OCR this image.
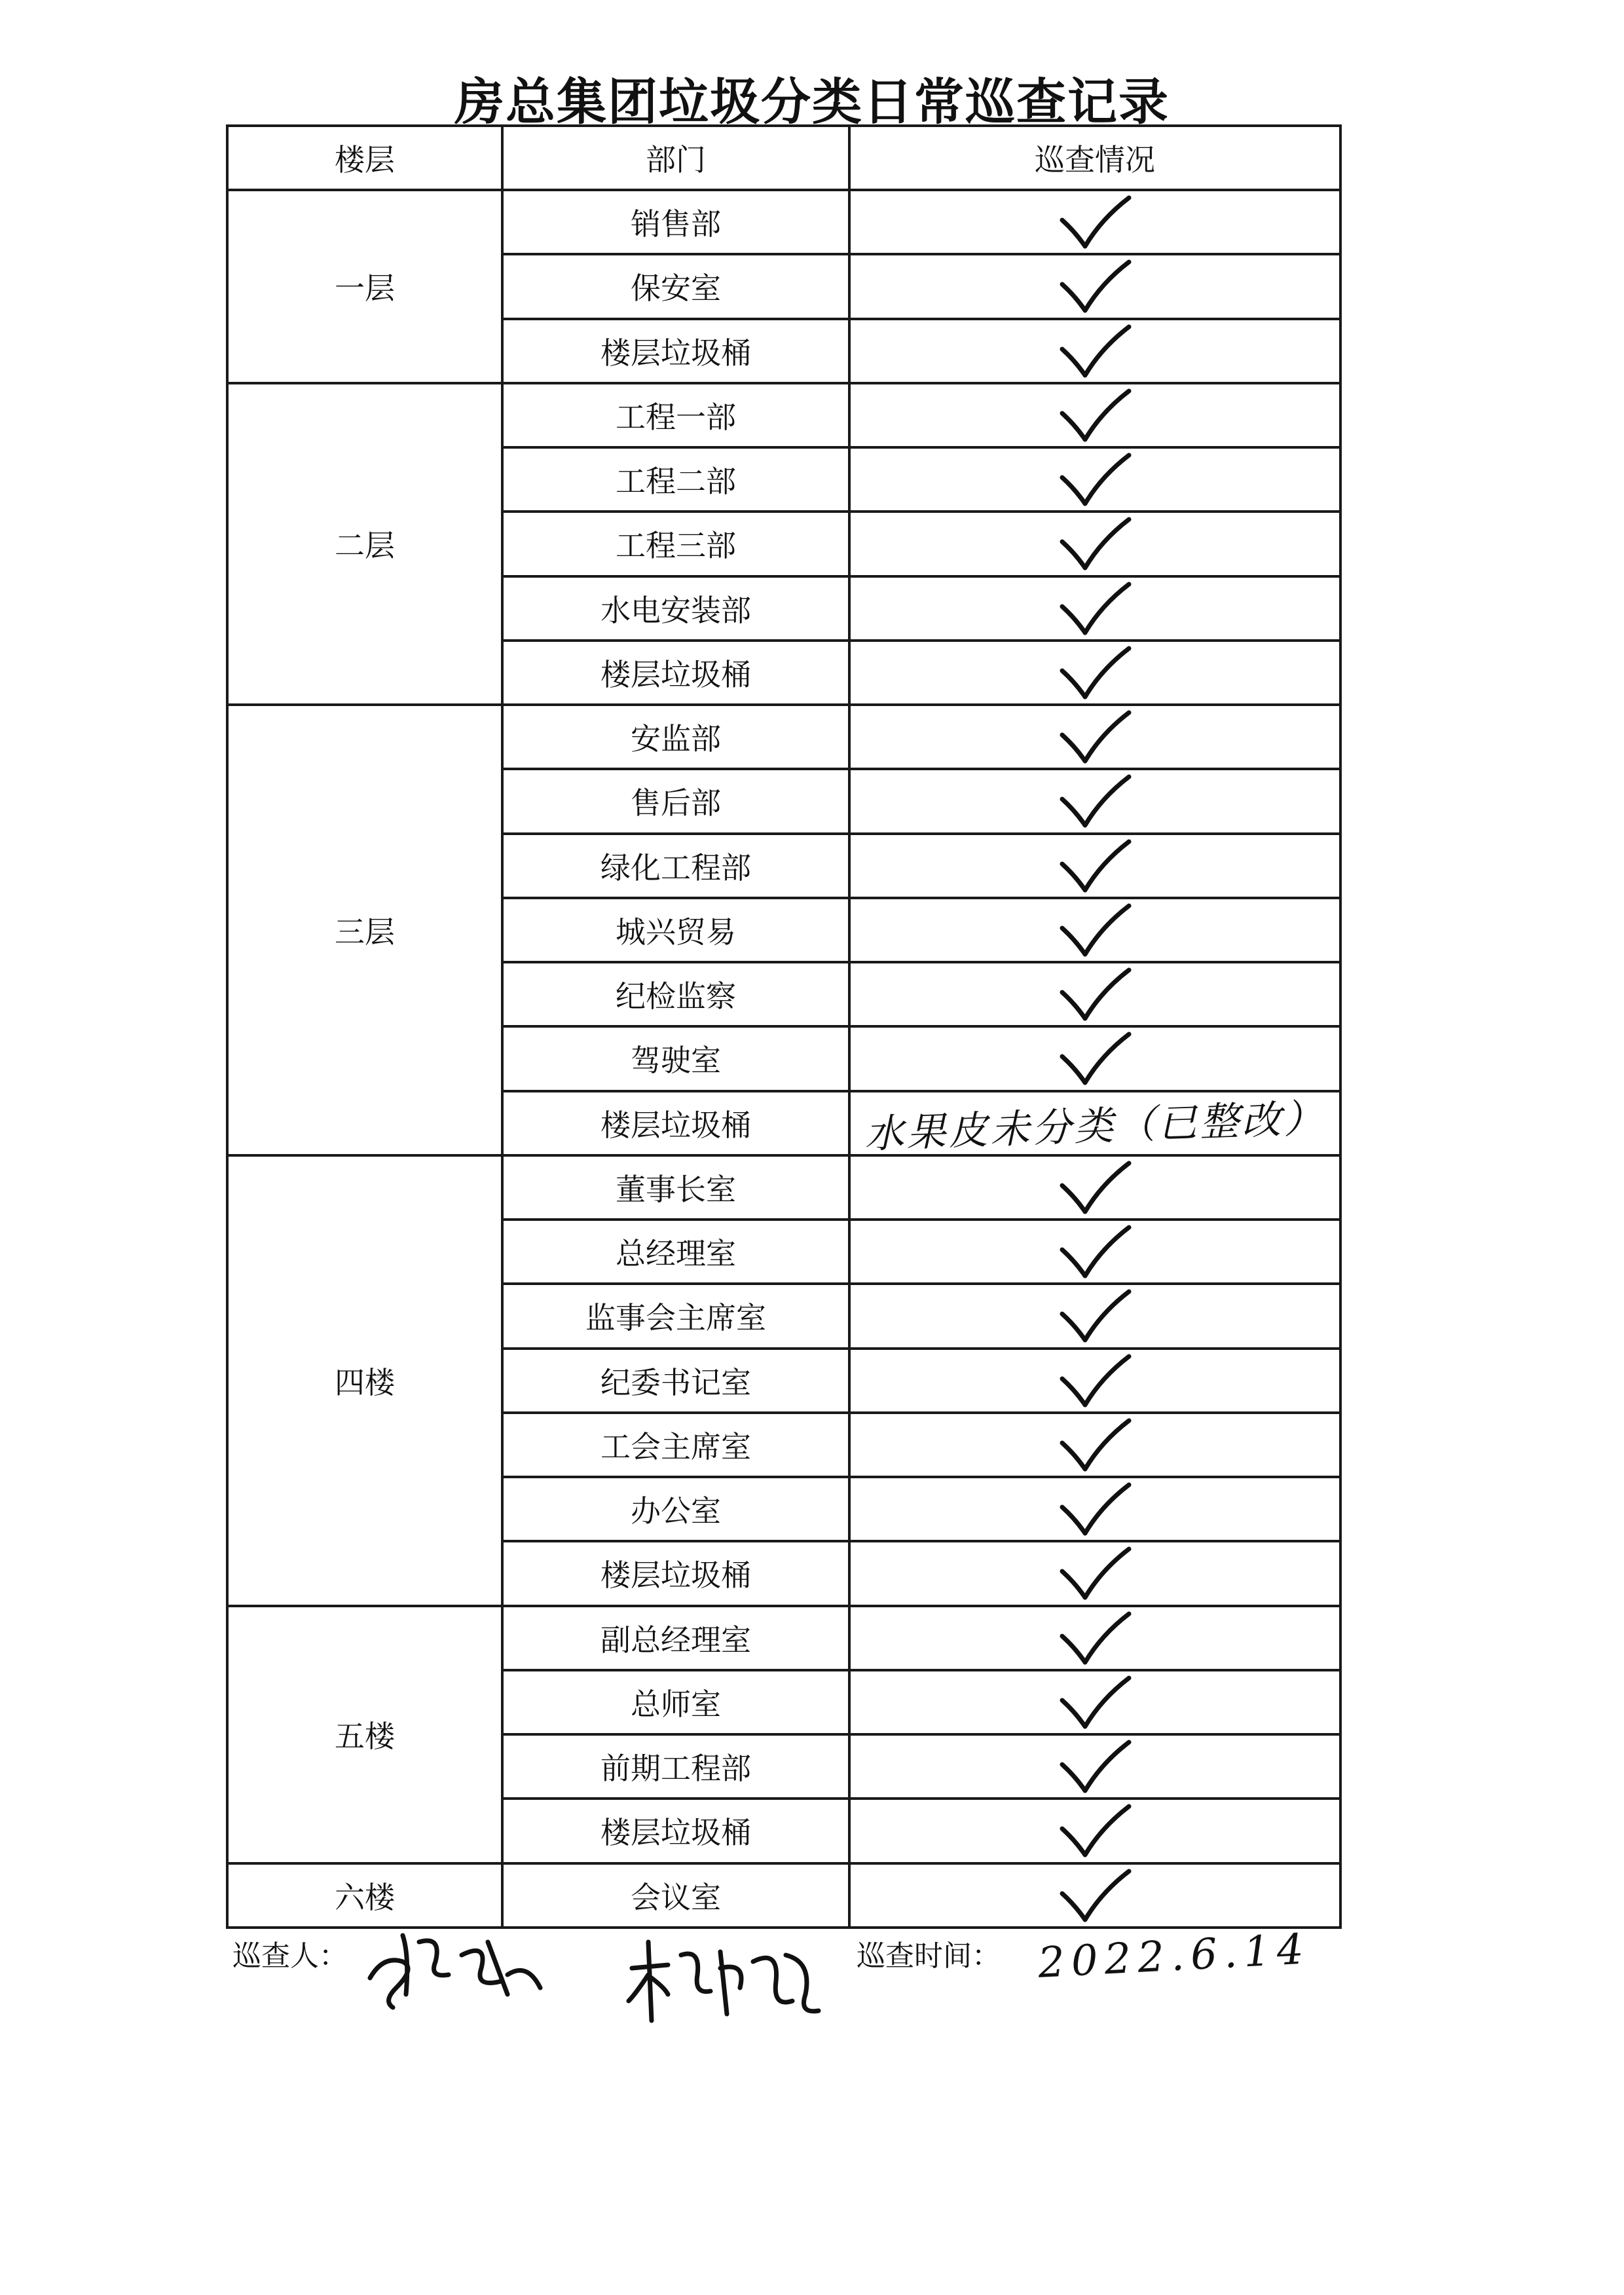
房总集团垃圾分类日常巡查记录
楼层	部门	巡查情况
一层	销售部	
	保安室	
	楼层垃圾桶	
二层	工程一部	
	工程二部	
	工程三部	
	水电安装部	
	楼层垃圾桶	
三层	安监部	
	售后部	
	绿化工程部	
	城兴贸易	
	纪检监察	
	驾驶室	
	楼层垃圾桶	水果皮未分类（已整改）
四楼	董事长室	
	总经理室	
	监事会主席室	
	纪委书记室	
	工会主席室	
	办公室	
	楼层垃圾桶	
五楼	副总经理室	
	总师室	
	前期工程部	
	楼层垃圾桶	
六楼	会议室	
巡查人：	巡查时间： 2022.6.14
